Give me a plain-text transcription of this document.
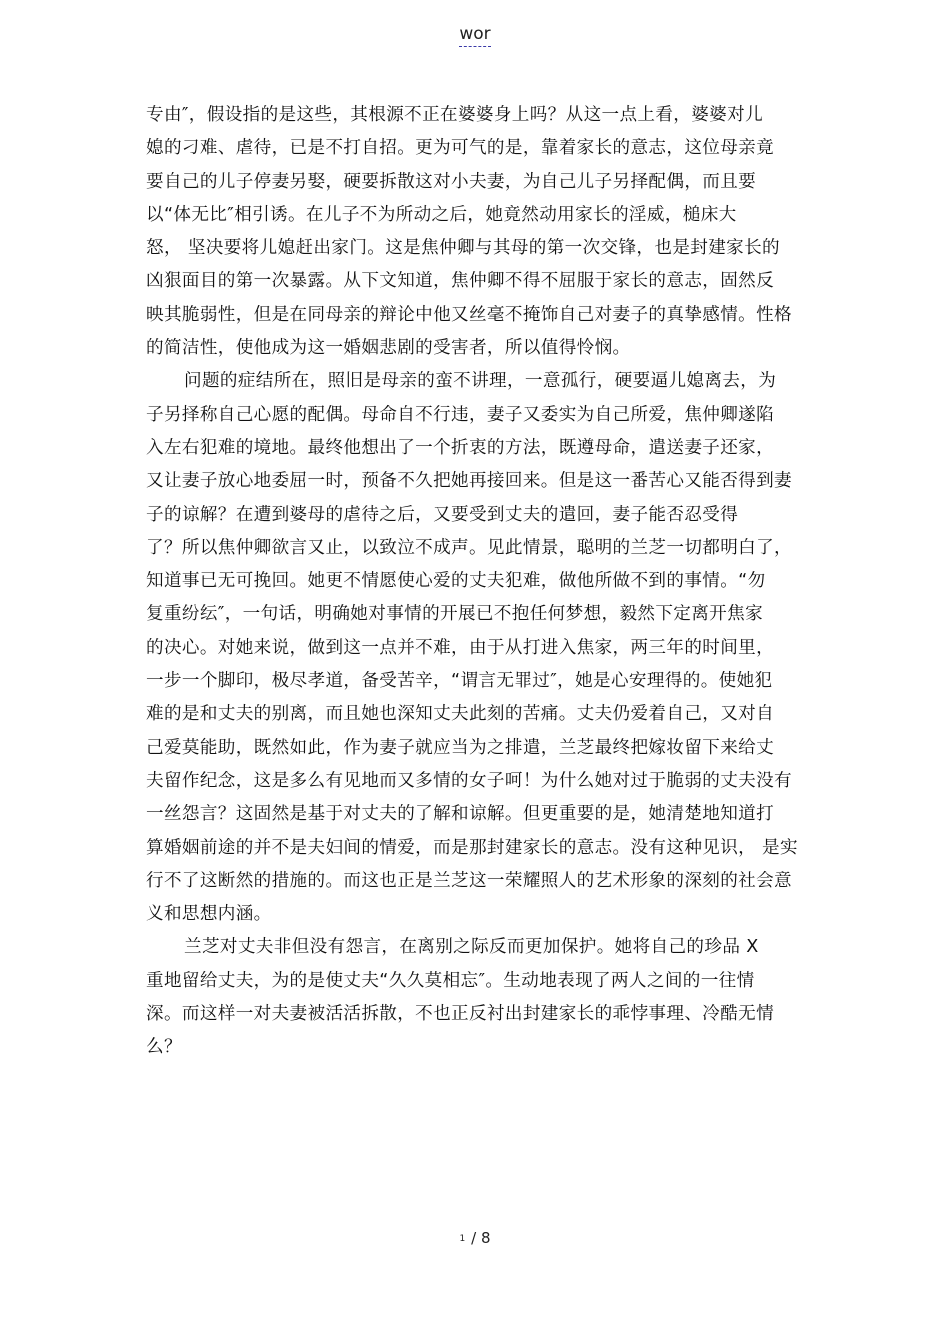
wor
专由″，假设指的是这些，其根源不正在婆婆身上吗？从这一点上看，婆婆对儿
媳的刁难、虐待，已是不打自招。更为可气的是，靠着家长的意志，这位母亲竟
要自己的儿子停妻另娶，硬要拆散这对小夫妻，为自己儿子另择配偶，而且要
以“体无比″相引诱。在儿子不为所动之后，她竟然动用家长的淫威，槌床大
怒， 坚决要将儿媳赶出家门。这是焦仲卿与其母的第一次交锋，也是封建家长的
凶狠面目的第一次暴露。从下文知道，焦仲卿不得不屈服于家长的意志，固然反
映其脆弱性，但是在同母亲的辩论中他又丝毫不掩饰自己对妻子的真挚感情。性格
的简洁性，使他成为这一婚姻悲剧的受害者，所以值得怜悯。
问题的症结所在，照旧是母亲的蛮不讲理，一意孤行，硬要逼儿媳离去，为
子另择称自己心愿的配偶。母命自不行违，妻子又委实为自己所爱，焦仲卿遂陷
入左右犯难的境地。最终他想出了一个折衷的方法，既遵母命，遣送妻子还家，
又让妻子放心地委屈一时，预备不久把她再接回来。但是这一番苦心又能否得到妻
子的谅解？在遭到婆母的虐待之后，又要受到丈夫的遣回，妻子能否忍受得
了？所以焦仲卿欲言又止，以致泣不成声。见此情景，聪明的兰芝一切都明白了，
知道事已无可挽回。她更不情愿使心爱的丈夫犯难，做他所做不到的事情。“勿
复重纷纭″，一句话，明确她对事情的开展已不抱任何梦想，毅然下定离开焦家
的决心。对她来说，做到这一点并不难，由于从打进入焦家，两三年的时间里，
一步一个脚印，极尽孝道，备受苦辛，“谓言无罪过″，她是心安理得的。使她犯
难的是和丈夫的别离，而且她也深知丈夫此刻的苦痛。丈夫仍爱着自己，又对自
己爱莫能助，既然如此，作为妻子就应当为之排遣，兰芝最终把嫁妆留下来给丈
夫留作纪念，这是多么有见地而又多情的女子呵！为什么她对过于脆弱的丈夫没有
一丝怨言？这固然是基于对丈夫的了解和谅解。但更重要的是，她清楚地知道打
算婚姻前途的并不是夫妇间的情爱，而是那封建家长的意志。没有这种见识， 是实
行不了这断然的措施的。而这也正是兰芝这一荣耀照人的艺术形象的深刻的社会意
义和思想内涵。
兰芝对丈夫非但没有怨言，在离别之际反而更加保护。她将自己的珍品 X
重地留给丈夫，为的是使丈夫“久久莫相忘″。生动地表现了两人之间的一往情
深。而这样一对夫妻被活活拆散，不也正反衬出封建家长的乖悖事理、冷酷无情
么？
1 / 8
